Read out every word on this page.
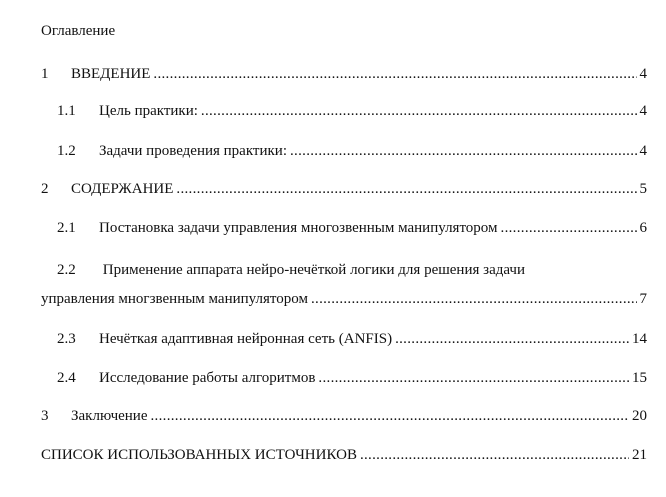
Оглавление
1	ВВЕДЕНИЕ .....	4
1.1	Цель практики: .....	4
1.2	Задачи проведения практики: .....	4
2	СОДЕРЖАНИЕ .....	5
2.1	Постановка задачи управления многозвенным манипулятором .....	6
2.2 Применение аппарата нейро-нечёткой логики для решения задачи
управления многзвенным манипулятором .....	7
2.3	Нечёткая адаптивная нейронная сеть (ANFIS) .....	14
2.4	Исследование работы алгоритмов .....	15
3	Заключение .....	20
СПИСОК ИСПОЛЬЗОВАННЫХ ИСТОЧНИКОВ .....	21
